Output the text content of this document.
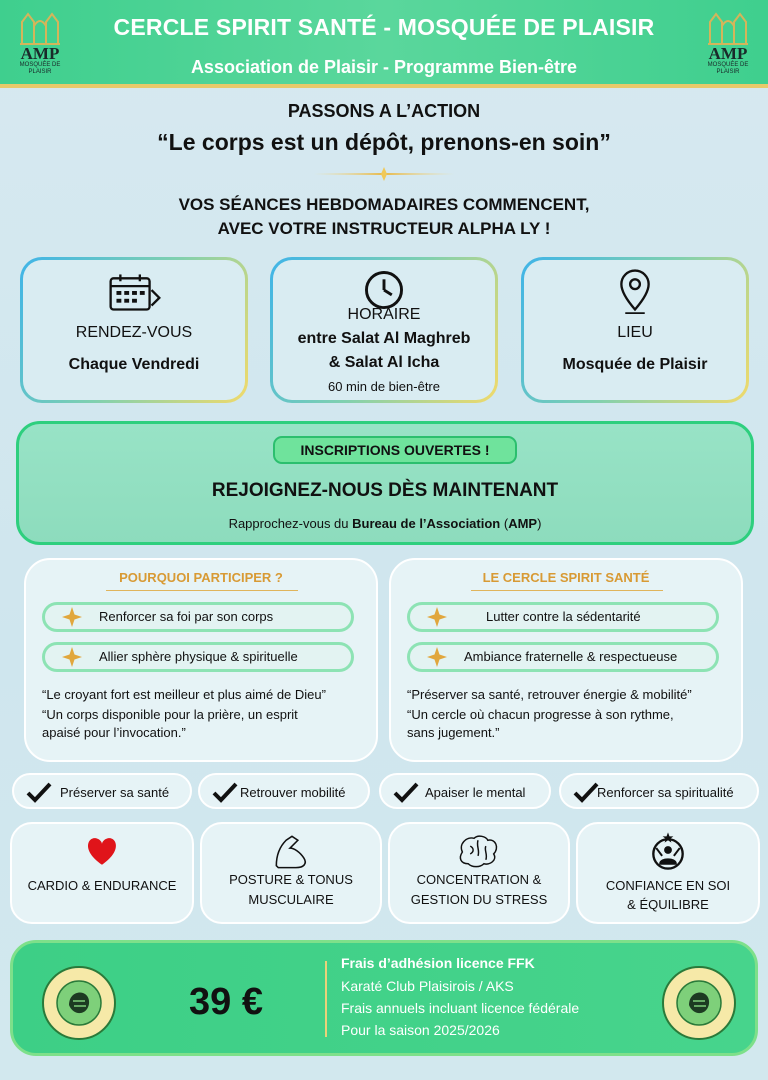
AMP
MOSQUÉE DE PLAISIR
CERCLE SPIRIT SANTÉ - MOSQUÉE DE PLAISIR
Association de Plaisir - Programme Bien-être
AMP
MOSQUÉE DE PLAISIR
PASSONS A L’ACTION
“Le corps est un dépôt, prenons-en soin”
VOS SÉANCES HEBDOMADAIRES COMMENCENT,
AVEC VOTRE INSTRUCTEUR ALPHA LY !
RENDEZ-VOUS
Chaque Vendredi
HORAIRE
entre Salat Al Maghreb
& Salat Al Icha
60 min de bien-être
LIEU
Mosquée de Plaisir
INSCRIPTIONS OUVERTES !
REJOIGNEZ-NOUS DÈS MAINTENANT
Rapprochez-vous du Bureau de l’Association (AMP)
POURQUOI PARTICIPER ?
Renforcer sa foi par son corps
Allier sphère physique & spirituelle
“Le croyant fort est meilleur et plus aimé de Dieu”
“Un corps disponible pour la prière, un esprit
apaisé pour l’invocation.”
LE CERCLE SPIRIT SANTÉ
Lutter contre la sédentarité
Ambiance fraternelle & respectueuse
“Préserver sa santé, retrouver énergie & mobilité”
“Un cercle où chacun progresse à son rythme,
sans jugement.”
Préserver sa santé	Retrouver mobilité	Apaiser le mental	Renforcer sa spiritualité
CARDIO & ENDURANCE	POSTURE & TONUS
MUSCULAIRE
CONCENTRATION &
GESTION DU STRESS
CONFIANCE EN SOI
& ÉQUILIBRE
39 €
Frais d’adhésion licence FFK
Karaté Club Plaisirois / AKS
Frais annuels incluant licence fédérale
Pour la saison 2025/2026
